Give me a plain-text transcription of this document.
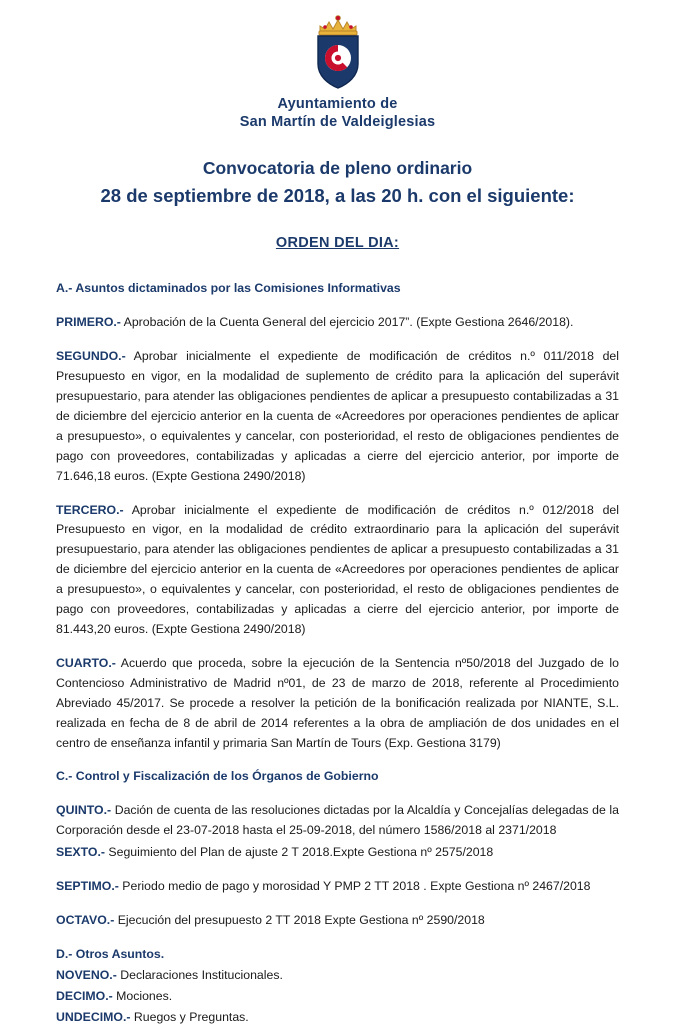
Ayuntamiento de
San Martín de Valdeiglesias
Convocatoria de pleno ordinario
28 de septiembre de 2018, a las 20 h. con el siguiente:
ORDEN DEL DIA:
A.- Asuntos dictaminados por las Comisiones Informativas

PRIMERO.- Aprobación de la Cuenta General del ejercicio 2017”. (Expte Gestiona 2646/2018).

SEGUNDO.- Aprobar inicialmente el expediente de modificación de créditos n.º 011/2018 del Presupuesto en vigor, en la modalidad de suplemento de crédito para la aplicación del superávit presupuestario, para atender las obligaciones pendientes de aplicar a presupuesto contabilizadas a 31 de diciembre del ejercicio anterior en la cuenta de «Acreedores por operaciones pendientes de aplicar a presupuesto», o equivalentes y cancelar, con posterioridad, el resto de obligaciones pendientes de pago con proveedores, contabilizadas y aplicadas a cierre del ejercicio anterior, por importe de 71.646,18 euros. (Expte Gestiona 2490/2018)

TERCERO.- Aprobar inicialmente el expediente de modificación de créditos n.º 012/2018 del Presupuesto en vigor, en la modalidad de crédito extraordinario para la aplicación del superávit presupuestario, para atender las obligaciones pendientes de aplicar a presupuesto contabilizadas a 31 de diciembre del ejercicio anterior en la cuenta de «Acreedores por operaciones pendientes de aplicar a presupuesto», o equivalentes y cancelar, con posterioridad, el resto de obligaciones pendientes de pago con proveedores, contabilizadas y aplicadas a cierre del ejercicio anterior, por importe de 81.443,20 euros. (Expte Gestiona 2490/2018)

CUARTO.- Acuerdo que proceda, sobre la ejecución de la Sentencia nº50/2018 del Juzgado de lo Contencioso Administrativo de Madrid nº01, de 23 de marzo de 2018, referente al Procedimiento Abreviado 45/2017. Se procede a resolver la petición de la bonificación realizada por NIANTE, S.L. realizada en fecha de 8 de abril de 2014 referentes a la obra de ampliación de dos unidades en el centro de enseñanza infantil y primaria San Martín de Tours (Exp. Gestiona 3179)

C.- Control y Fiscalización de los Órganos de Gobierno

QUINTO.- Dación de cuenta de las resoluciones dictadas por la Alcaldía y Concejalías delegadas de la Corporación desde el 23-07-2018 hasta el 25-09-2018, del número 1586/2018 al 2371/2018

SEXTO.- Seguimiento del Plan de ajuste 2 T 2018.Expte Gestiona nº 2575/2018

SEPTIMO.- Periodo medio de pago y morosidad Y PMP 2 TT 2018 . Expte Gestiona nº 2467/2018

OCTAVO.- Ejecución del presupuesto 2 TT 2018 Expte Gestiona nº 2590/2018

D.- Otros Asuntos.

NOVENO.- Declaraciones Institucionales.

DECIMO.- Mociones.

UNDECIMO.- Ruegos y Preguntas.
